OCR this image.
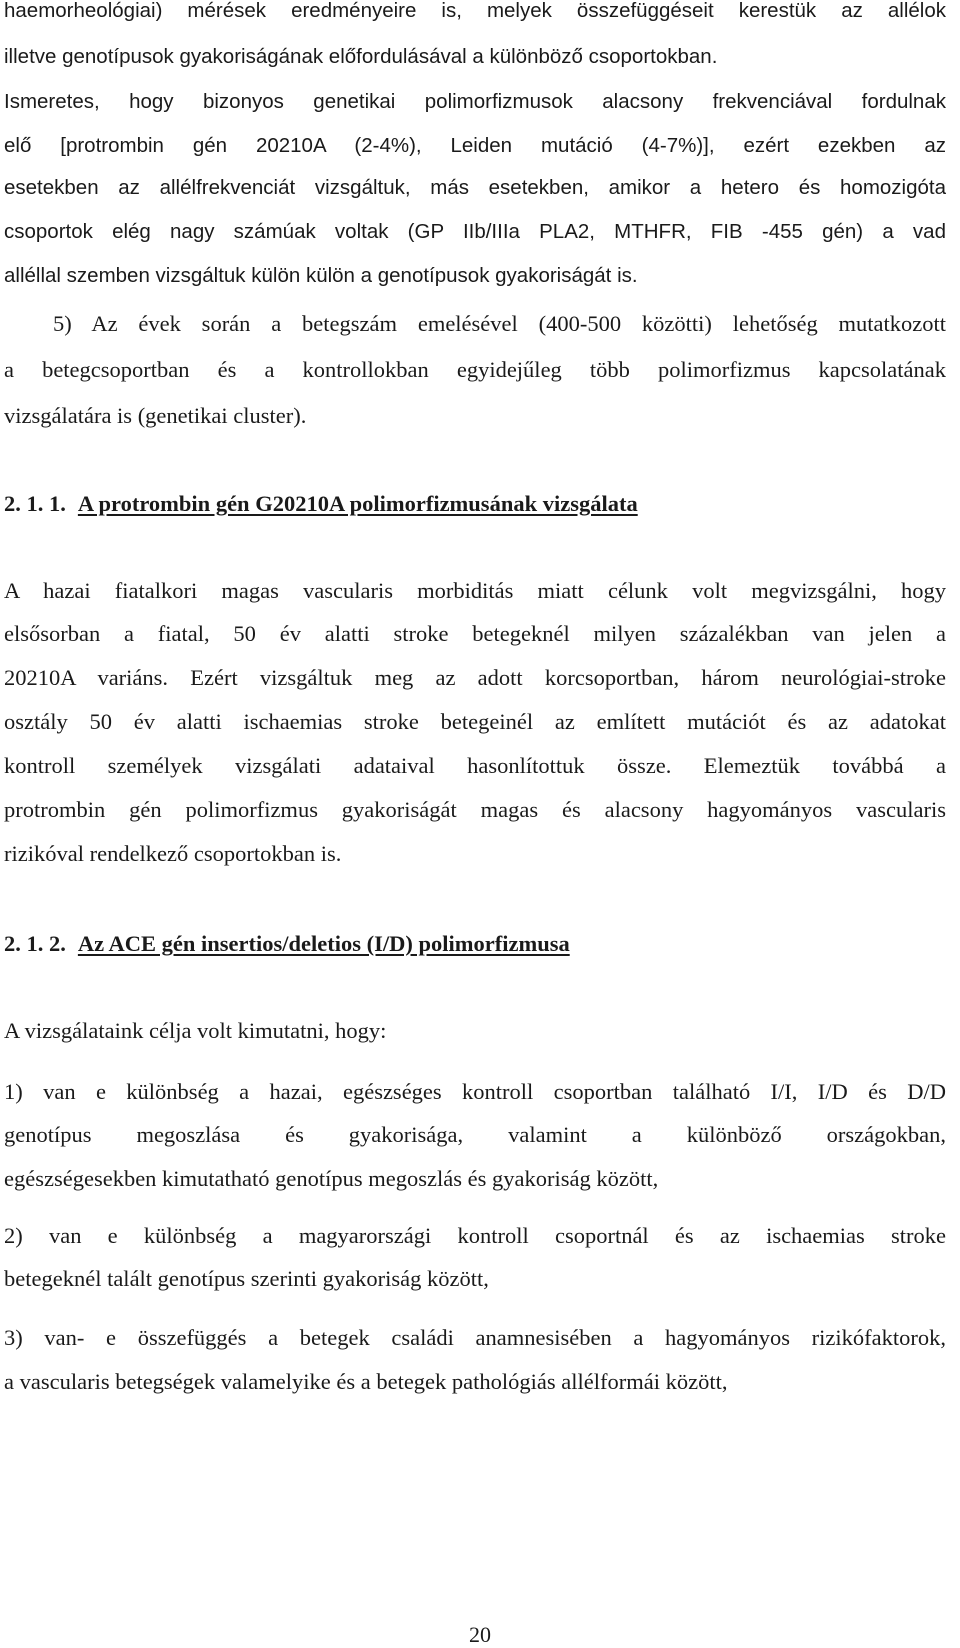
haemorheológiai) mérések eredményeire is, melyek összefüggéseit kerestük az allélok
illetve genotípusok gyakoriságának előfordulásával a különböző csoportokban.
Ismeretes, hogy bizonyos genetikai polimorfizmusok alacsony frekvenciával fordulnak
elő [protrombin gén 20210A (2-4%), Leiden mutáció (4-7%)], ezért ezekben az
esetekben az allélfrekvenciát vizsgáltuk, más esetekben, amikor a hetero és homozigóta
csoportok elég nagy számúak voltak (GP IIb/IIIa PLA2, MTHFR, FIB -455 gén) a vad
alléllal szemben vizsgáltuk külön külön a genotípusok gyakoriságát is.
5) Az évek során a betegszám emelésével (400-500 közötti) lehetőség mutatkozott
a betegcsoportban és a kontrollokban egyidejűleg több polimorfizmus kapcsolatának
vizsgálatára is (genetikai cluster).
2. 1. 1. A protrombin gén G20210A polimorfizmusának vizsgálata
A hazai fiatalkori magas vascularis morbiditás miatt célunk volt megvizsgálni, hogy
elsősorban a fiatal, 50 év alatti stroke betegeknél milyen százalékban van jelen a
20210A variáns. Ezért vizsgáltuk meg az adott korcsoportban, három neurológiai-stroke
osztály 50 év alatti ischaemias stroke betegeinél az említett mutációt és az adatokat
kontroll személyek vizsgálati adataival hasonlítottuk össze. Elemeztük továbbá a
protrombin gén polimorfizmus gyakoriságát magas és alacsony hagyományos vascularis
rizikóval rendelkező csoportokban is.
2. 1. 2. Az ACE gén insertios/deletios (I/D) polimorfizmusa
A vizsgálataink célja volt kimutatni, hogy:
1) van e különbség a hazai, egészséges kontroll csoportban található I/I, I/D és D/D
genotípus megoszlása és gyakorisága, valamint a különböző országokban,
egészségesekben kimutatható genotípus megoszlás és gyakoriság között,
2) van e különbség a magyarországi kontroll csoportnál és az ischaemias stroke
betegeknél talált genotípus szerinti gyakoriság között,
3) van- e összefüggés a betegek családi anamnesisében a hagyományos rizikófaktorok,
a vascularis betegségek valamelyike és a betegek pathológiás allélformái között,
20
